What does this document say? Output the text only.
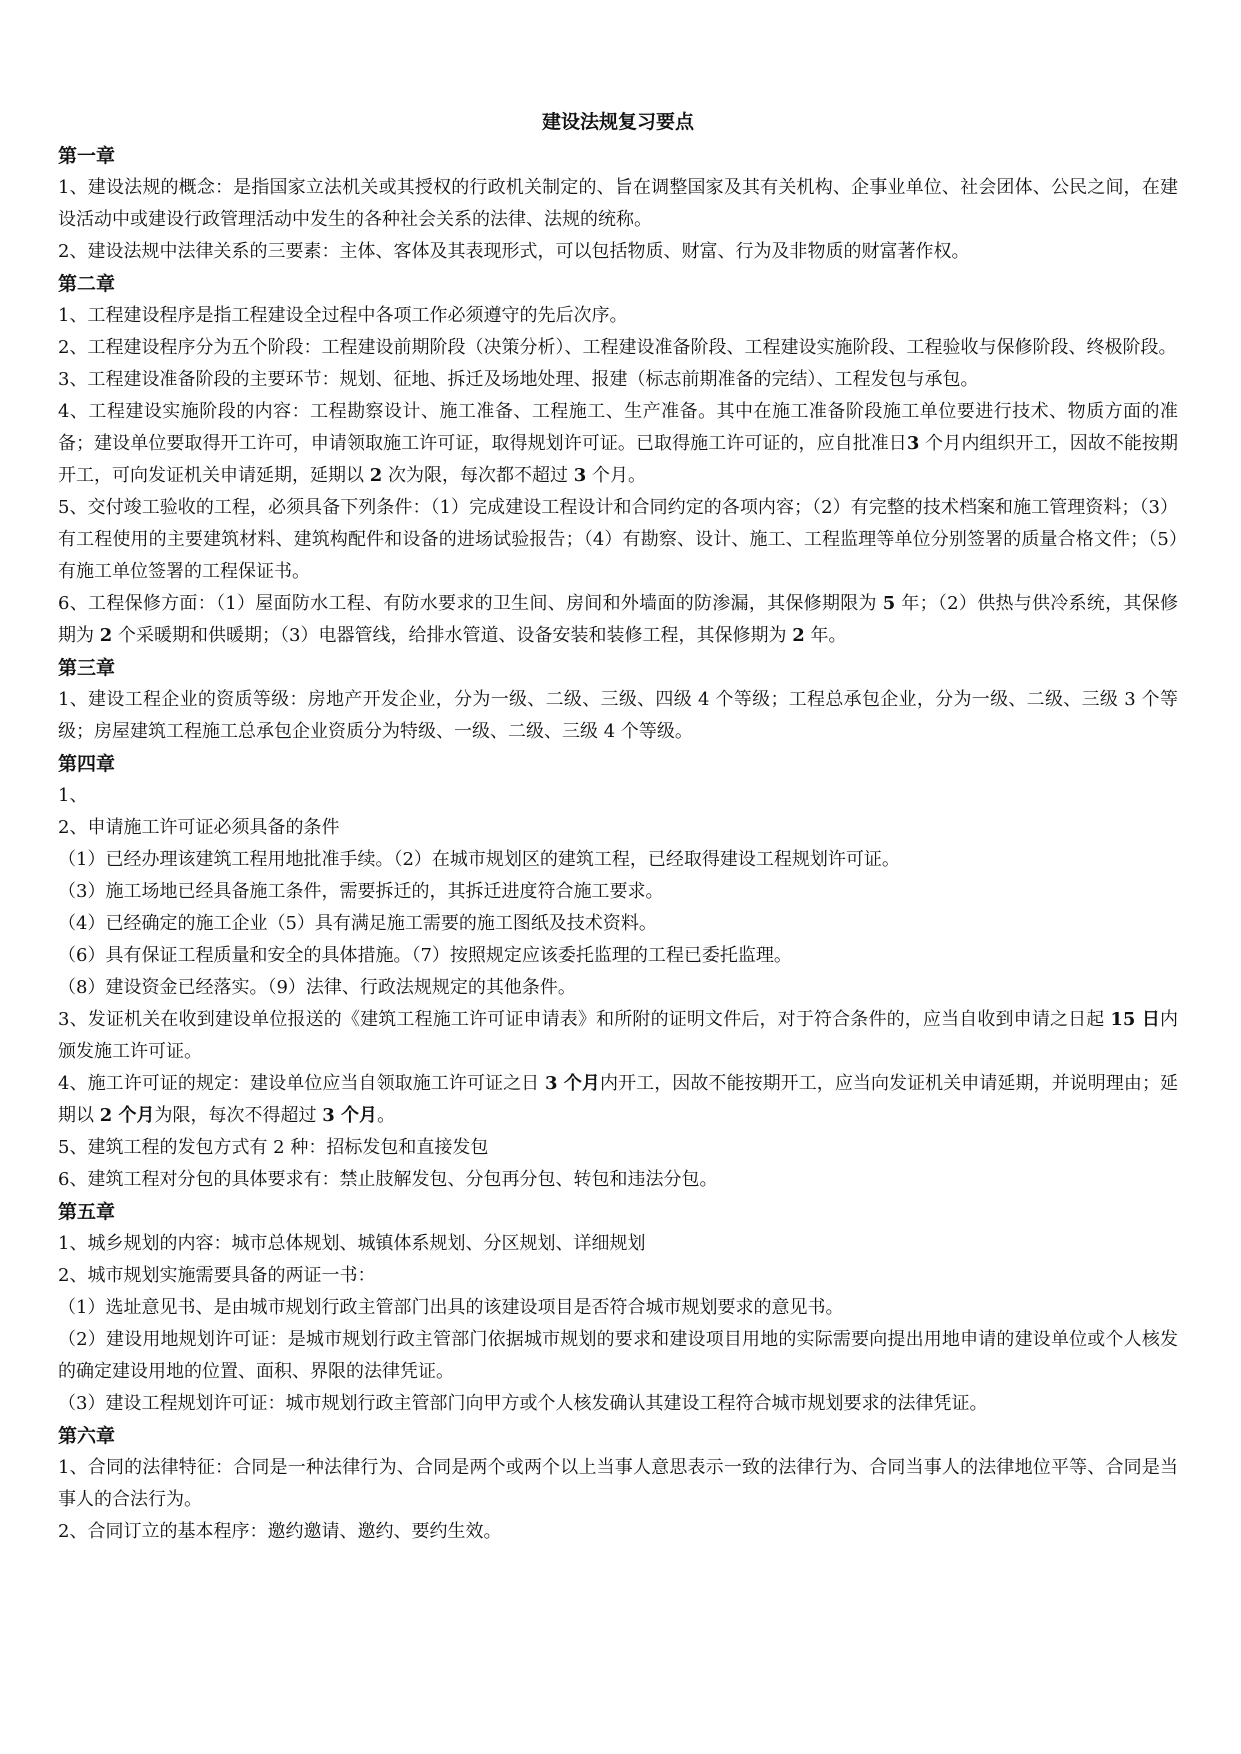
建设法规复习要点

第一章

1、建设法规的概念：是指国家立法机关或其授权的行政机关制定的、旨在调整国家及其有关机构、企事业单位、社会团体、公民之间，在建设活动中或建设行政管理活动中发生的各种社会关系的法律、法规的统称。

2、建设法规中法律关系的三要素：主体、客体及其表现形式，可以包括物质、财富、行为及非物质的财富著作权。

第二章

1、工程建设程序是指工程建设全过程中各项工作必须遵守的先后次序。

2、工程建设程序分为五个阶段：工程建设前期阶段（决策分析）、工程建设准备阶段、工程建设实施阶段、工程验收与保修阶段、终极阶段。

3、工程建设准备阶段的主要环节：规划、征地、拆迁及场地处理、报建（标志前期准备的完结）、工程发包与承包。

4、工程建设实施阶段的内容：工程勘察设计、施工准备、工程施工、生产准备。其中在施工准备阶段施工单位要进行技术、物质方面的准备；建设单位要取得开工许可，申请领取施工许可证，取得规划许可证。已取得施工许可证的，应自批准日3 个月内组织开工，因故不能按期开工，可向发证机关申请延期，延期以 2 次为限，每次都不超过 3 个月。

5、交付竣工验收的工程，必须具备下列条件：（1）完成建设工程设计和合同约定的各项内容；（2）有完整的技术档案和施工管理资料；（3）有工程使用的主要建筑材料、建筑构配件和设备的进场试验报告；（4）有勘察、设计、施工、工程监理等单位分别签署的质量合格文件；（5）有施工单位签署的工程保证书。

6、工程保修方面：（1）屋面防水工程、有防水要求的卫生间、房间和外墙面的防渗漏，其保修期限为 5 年；（2）供热与供冷系统，其保修期为 2 个采暖期和供暖期；（3）电器管线，给排水管道、设备安装和装修工程，其保修期为 2 年。

第三章

1、建设工程企业的资质等级：房地产开发企业，分为一级、二级、三级、四级 4 个等级；工程总承包企业，分为一级、二级、三级 3 个等级；房屋建筑工程施工总承包企业资质分为特级、一级、二级、三级 4 个等级。

第四章

1、

2、申请施工许可证必须具备的条件

（1）已经办理该建筑工程用地批准手续。（2）在城市规划区的建筑工程，已经取得建设工程规划许可证。

（3）施工场地已经具备施工条件，需要拆迁的，其拆迁进度符合施工要求。

（4）已经确定的施工企业（5）具有满足施工需要的施工图纸及技术资料。

（6）具有保证工程质量和安全的具体措施。（7）按照规定应该委托监理的工程已委托监理。

（8）建设资金已经落实。（9）法律、行政法规规定的其他条件。

3、发证机关在收到建设单位报送的《建筑工程施工许可证申请表》和所附的证明文件后，对于符合条件的，应当自收到申请之日起 15 日内颁发施工许可证。

4、施工许可证的规定：建设单位应当自领取施工许可证之日 3 个月内开工，因故不能按期开工，应当向发证机关申请延期，并说明理由；延期以 2 个月为限，每次不得超过 3 个月。

5、建筑工程的发包方式有 2 种：招标发包和直接发包

6、建筑工程对分包的具体要求有：禁止肢解发包、分包再分包、转包和违法分包。

第五章

1、城乡规划的内容：城市总体规划、城镇体系规划、分区规划、详细规划

2、城市规划实施需要具备的两证一书：

（1）选址意见书、是由城市规划行政主管部门出具的该建设项目是否符合城市规划要求的意见书。

（2）建设用地规划许可证：是城市规划行政主管部门依据城市规划的要求和建设项目用地的实际需要向提出用地申请的建设单位或个人核发的确定建设用地的位置、面积、界限的法律凭证。

（3）建设工程规划许可证：城市规划行政主管部门向甲方或个人核发确认其建设工程符合城市规划要求的法律凭证。

第六章

1、合同的法律特征：合同是一种法律行为、合同是两个或两个以上当事人意思表示一致的法律行为、合同当事人的法律地位平等、合同是当事人的合法行为。

2、合同订立的基本程序：邀约邀请、邀约、要约生效。
